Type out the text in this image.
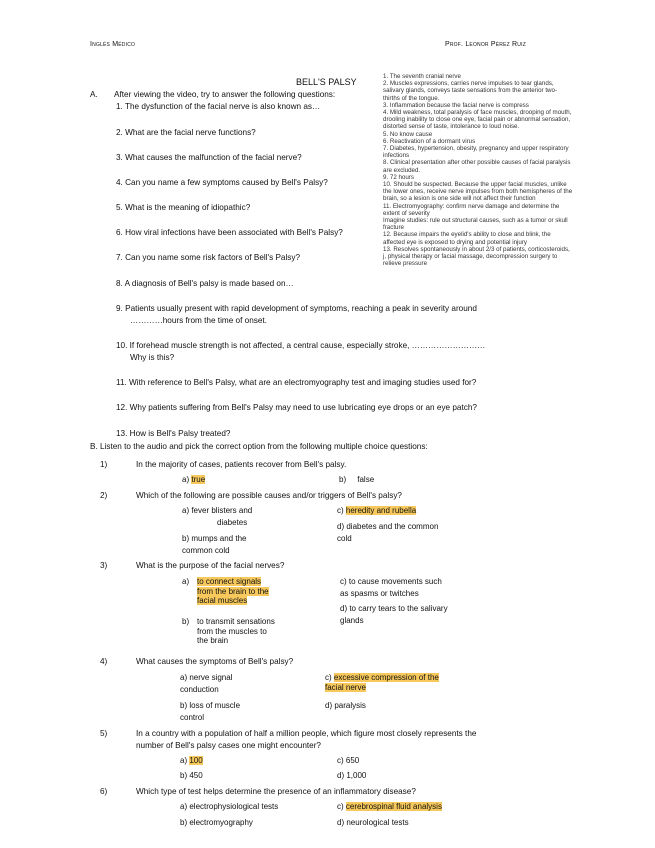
Inglés Médico	Prof. Leonor Pérez Ruiz
BELL'S PALSY
1. The seventh cranial nerve
2. Muscles expressions, carries nerve impulses to tear glands,
salivary glands, conveys taste sensations from the anterior two-
thirths of the tongue.
3. Inflammation because the facial nerve is compress
4. Mild weakness, total paralysis of face muscles, drooping of mouth,
drooling inability to close one eye, facial pain or abnormal sensation,
distorted sense of taste, intolerance to loud noise.
5. No know cause
6. Reactivation of a dormant virus
7. Diabetes, hypertension, obesity, pregnancy and upper respiratory
infections
8. Clinical presentation after other possible causes of facial paralysis
are excluded.
9. 72 hours
10. Should be suspected. Because the upper facial muscles, unlike
the lower ones, receive nerve impulses from both hemispheres of the
brain, so a lesion is one side will not affect their function
11. Electromyography: confirm nerve damage and determine the
extent of severity
Imagine studies: rule out structural causes, such as a tumor or skull
fracture
12. Because impairs the eyelid's ability to close and blink, the
affected eye is exposed to drying and potential injury
13. Resolves spontaneously in about 2/3 of patients, corticosteroids,
j, physical therapy or facial massage, decompression surgery to
relieve pressure
A. After viewing the video, try to answer the following questions:
1. The dysfunction of the facial nerve is also known as…
2. What are the facial nerve functions?
3. What causes the malfunction of the facial nerve?
4. Can you name a few symptoms caused by Bell's Palsy?
5. What is the meaning of idiopathic?
6. How viral infections have been associated with Bell's Palsy?
7. Can you name some risk factors of Bell's Palsy?
8. A diagnosis of Bell's palsy is made based on…
9. Patients usually present with rapid development of symptoms, reaching a peak in severity around
…………hours from the time of onset.
10. If forehead muscle strength is not affected, a central cause, especially stroke, ………………………
Why is this?
11. With reference to Bell's Palsy, what are an electromyography test and imaging studies used for?
12. Why patients suffering from Bell's Palsy may need to use lubricating eye drops or an eye patch?
13. How is Bell's Palsy treated?
B. Listen to the audio and pick the correct option from the following multiple choice questions:
1)	In the majority of cases, patients recover from Bell's palsy.
a) true	b) false
2)	Which of the following are possible causes and/or triggers of Bell's palsy?
a) fever blisters and
diabetes
b) mumps and the
common cold
c) heredity and rubella
d) diabetes and the common
cold
3)	What is the purpose of the facial nerves?
a) to connect signals
from the brain to the
facial muscles
b) to transmit sensations
from the muscles to
the brain
c) to cause movements such
as spasms or twitches
d) to carry tears to the salivary
glands
4)	What causes the symptoms of Bell's palsy?
a) nerve signal
conduction
b) loss of muscle
control
c) excessive compression of the
facial nerve
d) paralysis
5)	In a country with a population of half a million people, which figure most closely represents the
number of Bell's palsy cases one might encounter?
a) 100
b) 450
c) 650
d) 1,000
6)	Which type of test helps determine the presence of an inflammatory disease?
a) electrophysiological tests
b) electromyography
c) cerebrospinal fluid analysis
d) neurological tests
